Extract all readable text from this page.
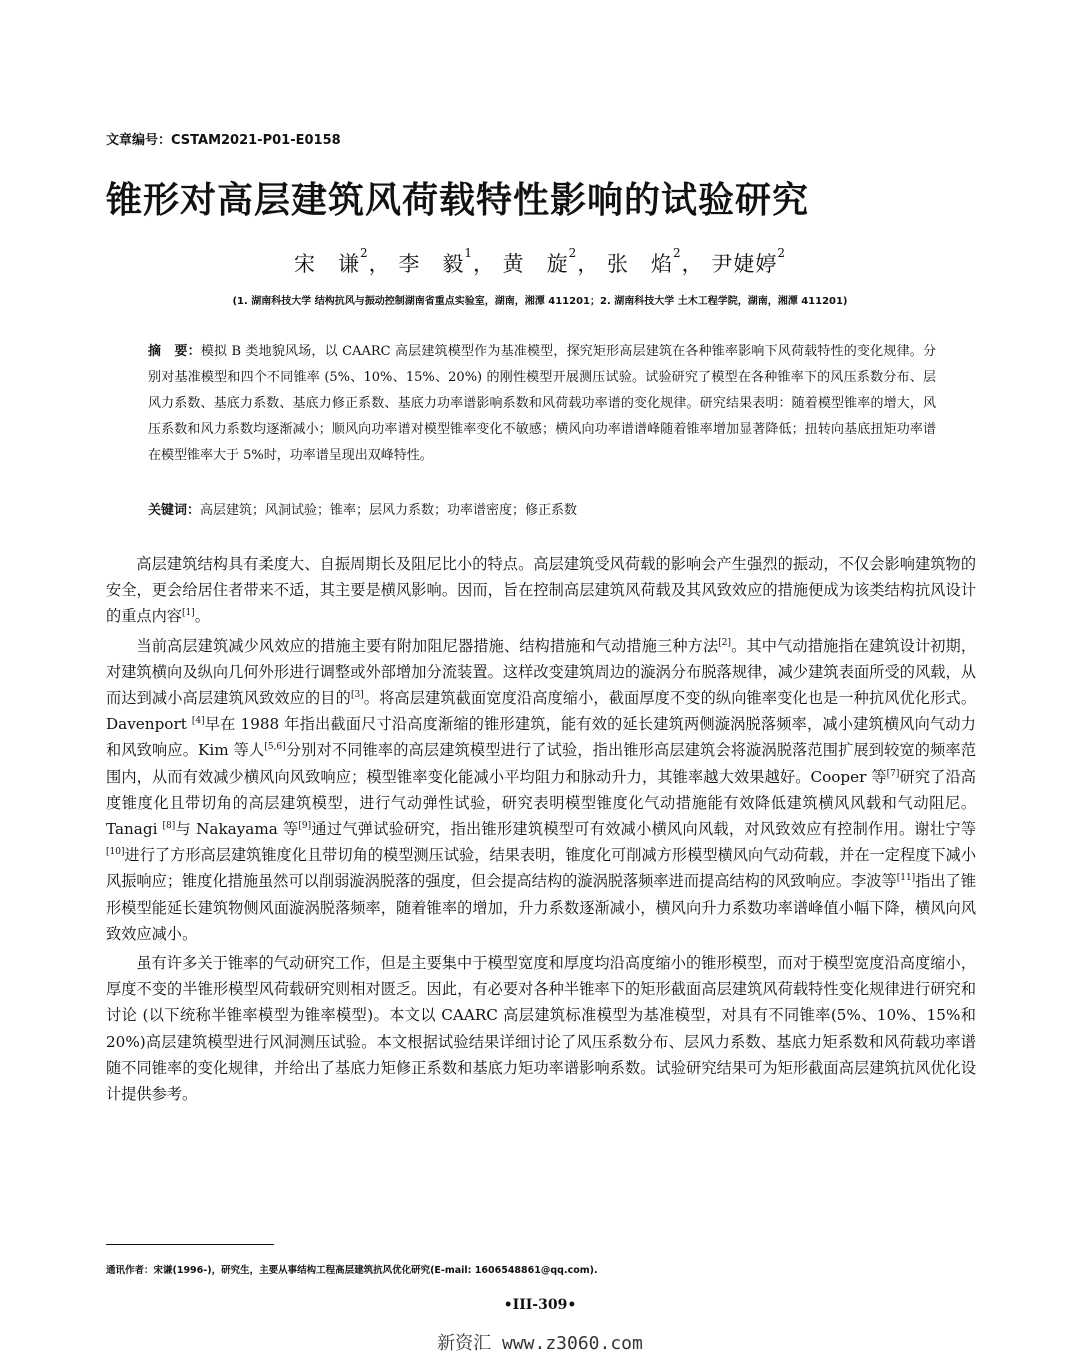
文章编号：CSTAM2021-P01-E0158
锥形对高层建筑风荷载特性影响的试验研究
宋　谦$^2$， 李　毅$^1$， 黄　旋$^2$， 张　焰$^2$， 尹婕婷$^2$
(1. 湖南科技大学 结构抗风与振动控制湖南省重点实验室，湖南，湘潭 411201；2. 湖南科技大学 土木工程学院，湖南，湘潭 411201)
摘　要：模拟 B 类地貌风场，以 CAARC 高层建筑模型作为基准模型，探究矩形高层建筑在各种锥率影响下风荷载特性的变化规律。分别对基准模型和四个不同锥率 (5%、10%、15%、20%) 的刚性模型开展测压试验。试验研究了模型在各种锥率下的风压系数分布、层风力系数、基底力系数、基底力修正系数、基底力功率谱影响系数和风荷载功率谱的变化规律。研究结果表明：随着模型锥率的增大，风压系数和风力系数均逐渐减小；顺风向功率谱对模型锥率变化不敏感；横风向功率谱谱峰随着锥率增加显著降低；扭转向基底扭矩功率谱在模型锥率大于 5%时，功率谱呈现出双峰特性。
关键词：高层建筑；风洞试验；锥率；层风力系数；功率谱密度；修正系数

高层建筑结构具有柔度大、自振周期长及阻尼比小的特点。高层建筑受风荷载的影响会产生强烈的振动，不仅会影响建筑物的安全，更会给居住者带来不适，其主要是横风影响。因而，旨在控制高层建筑风荷载及其风致效应的措施便成为该类结构抗风设计的重点内容[1]。

当前高层建筑减少风效应的措施主要有附加阻尼器措施、结构措施和气动措施三种方法[2]。其中气动措施指在建筑设计初期，对建筑横向及纵向几何外形进行调整或外部增加分流装置。这样改变建筑周边的漩涡分布脱落规律，减少建筑表面所受的风载，从而达到减小高层建筑风致效应的目的[3]。将高层建筑截面宽度沿高度缩小，截面厚度不变的纵向锥率变化也是一种抗风优化形式。Davenport [4]早在 1988 年指出截面尺寸沿高度渐缩的锥形建筑，能有效的延长建筑两侧漩涡脱落频率，减小建筑横风向气动力和风致响应。Kim 等人[5,6]分别对不同锥率的高层建筑模型进行了试验，指出锥形高层建筑会将漩涡脱落范围扩展到较宽的频率范围内，从而有效减少横风向风致响应；模型锥率变化能减小平均阻力和脉动升力，其锥率越大效果越好。Cooper 等[7]研究了沿高度锥度化且带切角的高层建筑模型，进行气动弹性试验，研究表明模型锥度化气动措施能有效降低建筑横风风载和气动阻尼。Tanagi [8]与 Nakayama 等[9]通过气弹试验研究，指出锥形建筑模型可有效减小横风向风载，对风致效应有控制作用。谢壮宁等[10]进行了方形高层建筑锥度化且带切角的模型测压试验，结果表明，锥度化可削减方形模型横风向气动荷载，并在一定程度下减小风振响应；锥度化措施虽然可以削弱漩涡脱落的强度，但会提高结构的漩涡脱落频率进而提高结构的风致响应。李波等[11]指出了锥形模型能延长建筑物侧风面漩涡脱落频率，随着锥率的增加，升力系数逐渐减小，横风向升力系数功率谱峰值小幅下降，横风向风致效应减小。

虽有许多关于锥率的气动研究工作，但是主要集中于模型宽度和厚度均沿高度缩小的锥形模型，而对于模型宽度沿高度缩小，厚度不变的半锥形模型风荷载研究则相对匮乏。因此，有必要对各种半锥率下的矩形截面高层建筑风荷载特性变化规律进行研究和讨论 (以下统称半锥率模型为锥率模型)。本文以 CAARC 高层建筑标准模型为基准模型，对具有不同锥率(5%、10%、15%和 20%)高层建筑模型进行风洞测压试验。本文根据试验结果详细讨论了风压系数分布、层风力系数、基底力矩系数和风荷载功率谱随不同锥率的变化规律，并给出了基底力矩修正系数和基底力矩功率谱影响系数。试验研究结果可为矩形截面高层建筑抗风优化设计提供参考。

通讯作者：宋谦(1996-)，研究生，主要从事结构工程高层建筑抗风优化研究(E-mail: 1606548861@qq.com).
•III-309•
新资汇 www.z3060.com
